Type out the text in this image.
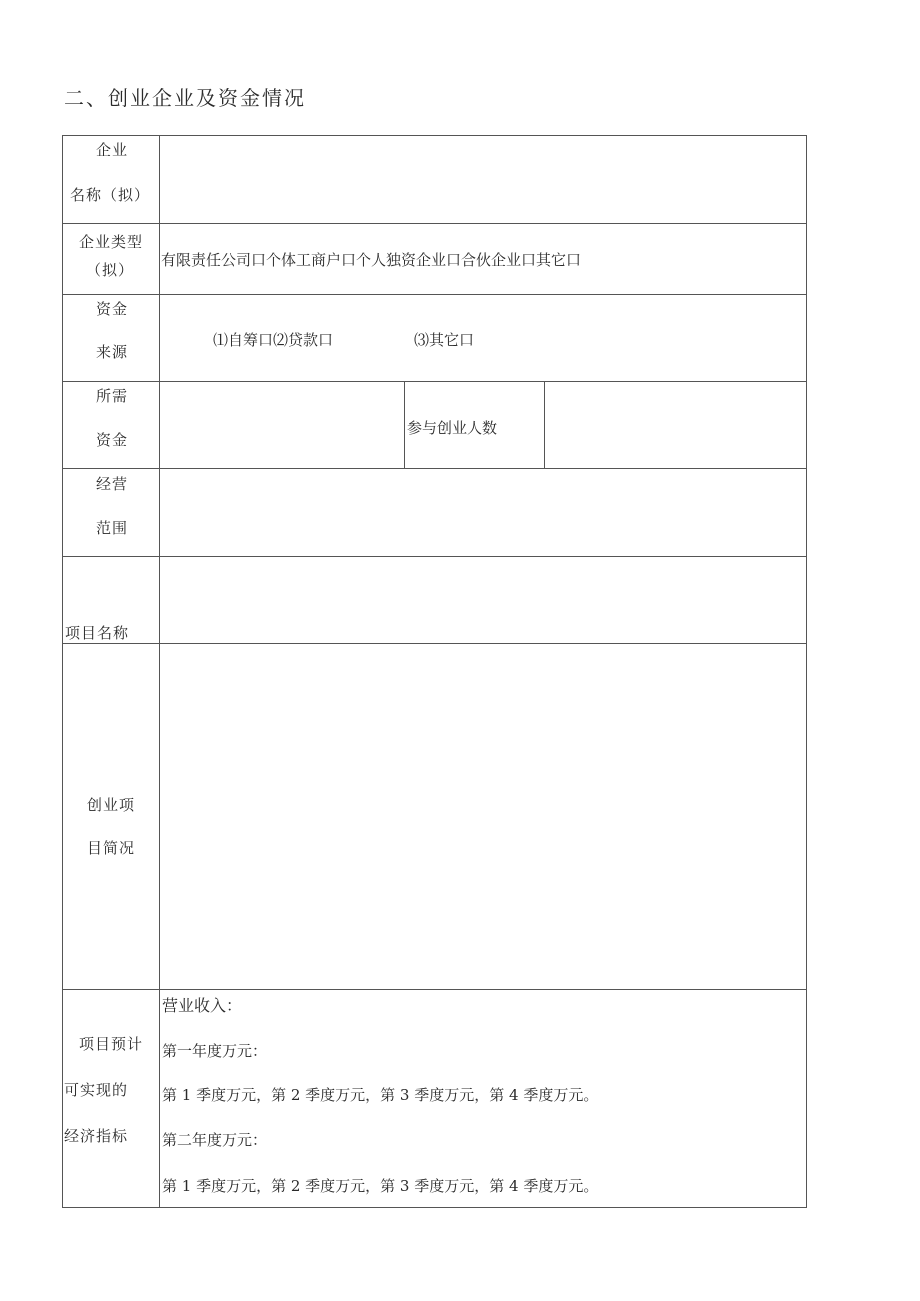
二、创业企业及资金情况
企业
名称（拟）
企业类型
（拟）
有限责任公司口个体工商户口个人独资企业口合伙企业口其它口
资金
来源
⑴自筹口⑵贷款口	⑶其它口
所需
资金
参与创业人数
经营
范围
项目名称
创业项
目简况
项目预计
可实现的
经济指标
营业收入：
第一年度万元：
第 1 季度万元，第 2 季度万元，第 3 季度万元，第 4 季度万元。
第二年度万元：
第 1 季度万元，第 2 季度万元，第 3 季度万元，第 4 季度万元。
